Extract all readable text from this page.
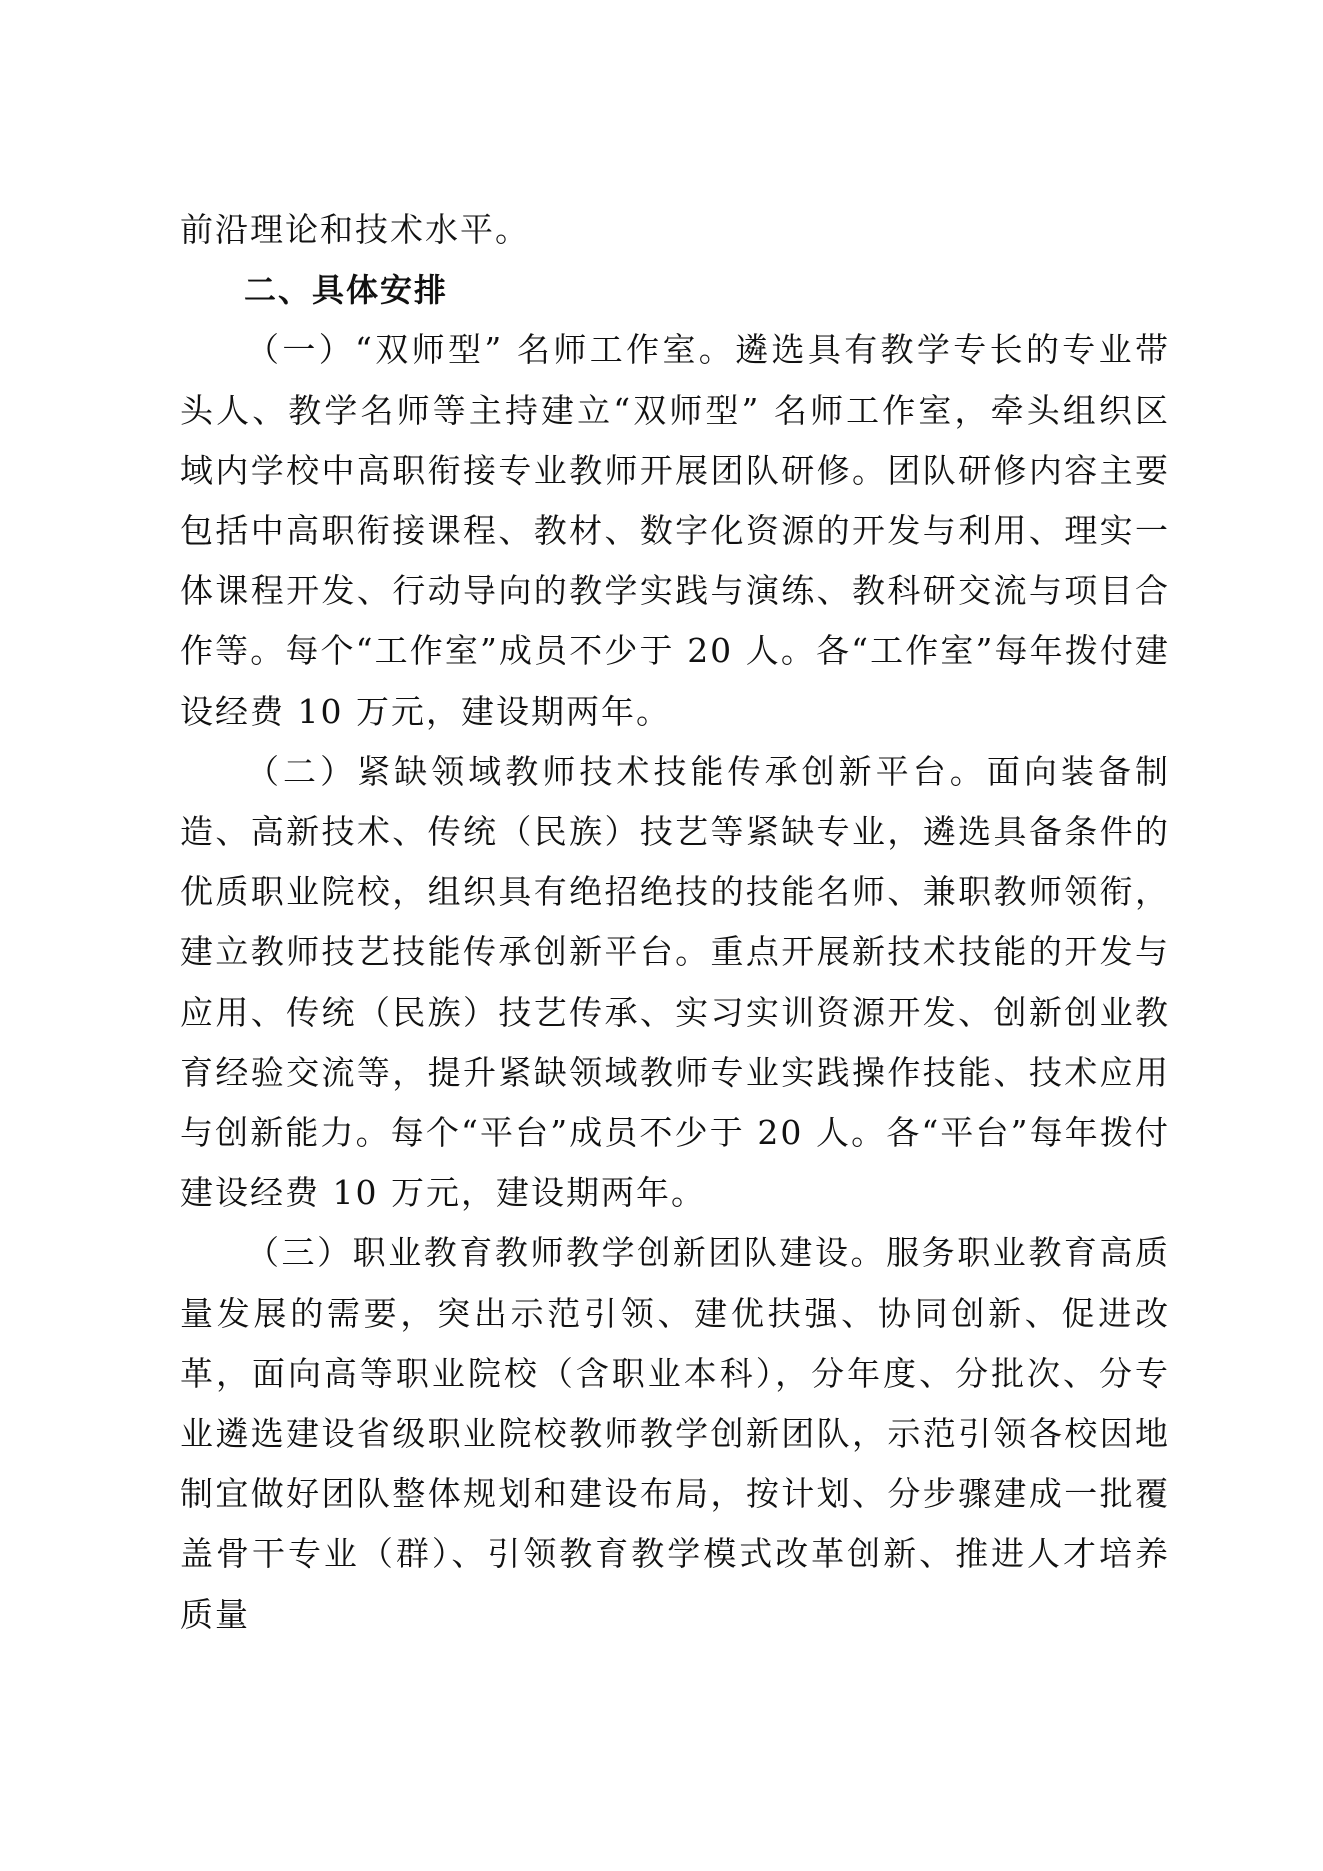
前沿理论和技术水平。

二、具体安排

（一）“双师型” 名师工作室。遴选具有教学专长的专业带头人、教学名师等主持建立“双师型” 名师工作室，牵头组织区域内学校中高职衔接专业教师开展团队研修。团队研修内容主要包括中高职衔接课程、教材、数字化资源的开发与利用、理实一体课程开发、行动导向的教学实践与演练、教科研交流与项目合作等。每个“工作室”成员不少于 20 人。各“工作室”每年拨付建设经费 10 万元，建设期两年。

（二）紧缺领域教师技术技能传承创新平台。面向装备制造、高新技术、传统（民族）技艺等紧缺专业，遴选具备条件的优质职业院校，组织具有绝招绝技的技能名师、兼职教师领衔，建立教师技艺技能传承创新平台。重点开展新技术技能的开发与应用、传统（民族）技艺传承、实习实训资源开发、创新创业教育经验交流等，提升紧缺领域教师专业实践操作技能、技术应用与创新能力。每个“平台”成员不少于 20 人。各“平台”每年拨付建设经费 10 万元，建设期两年。

（三）职业教育教师教学创新团队建设。服务职业教育高质量发展的需要，突出示范引领、建优扶强、协同创新、促进改革，面向高等职业院校（含职业本科），分年度、分批次、分专业遴选建设省级职业院校教师教学创新团队，示范引领各校因地制宜做好团队整体规划和建设布局，按计划、分步骤建成一批覆盖骨干专业（群）、引领教育教学模式改革创新、推进人才培养质量
